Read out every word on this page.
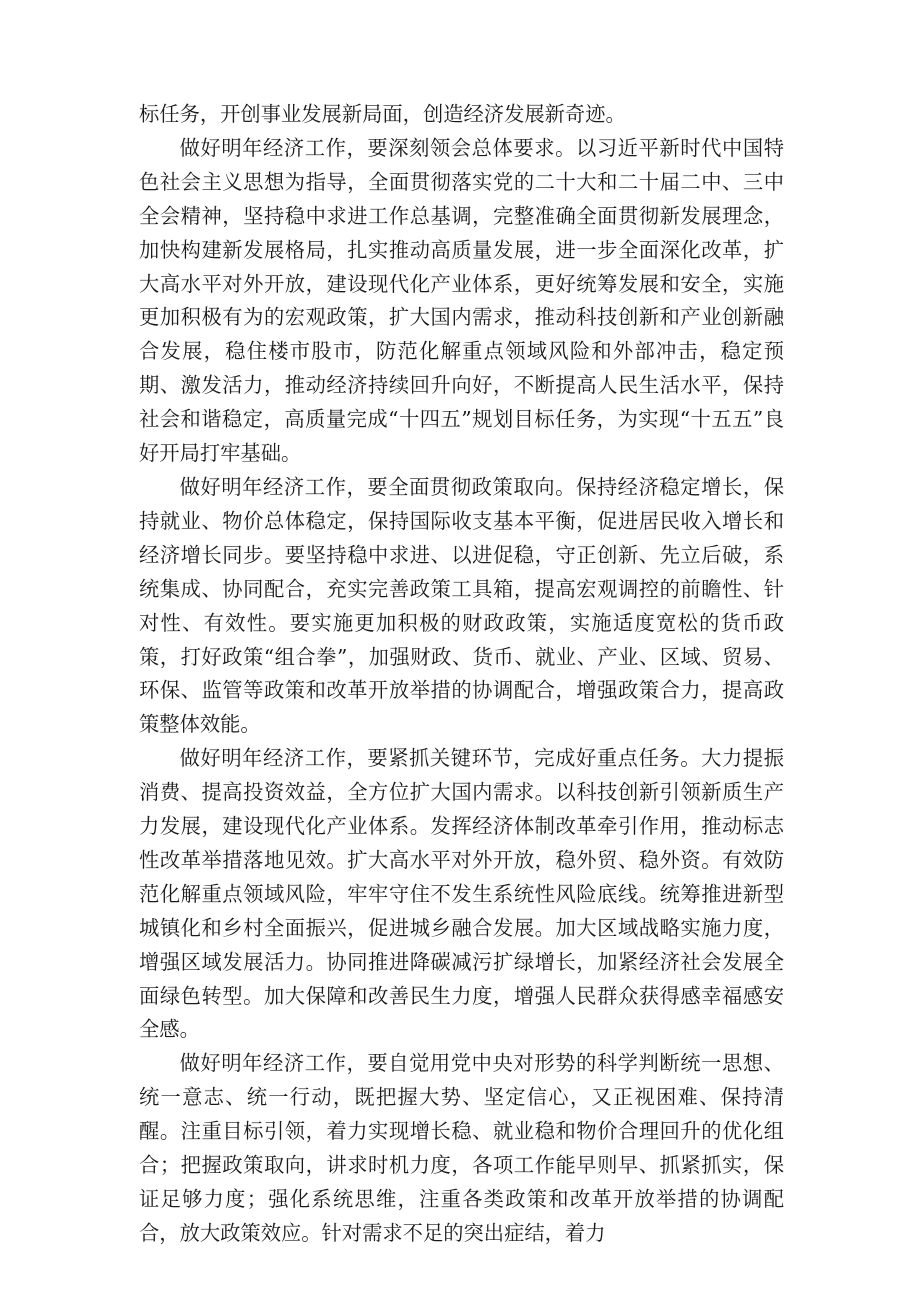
标任务，开创事业发展新局面，创造经济发展新奇迹。

做好明年经济工作，要深刻领会总体要求。以习近平新时代中国特色社会主义思想为指导，全面贯彻落实党的二十大和二十届二中、三中全会精神，坚持稳中求进工作总基调，完整准确全面贯彻新发展理念，加快构建新发展格局，扎实推动高质量发展，进一步全面深化改革，扩大高水平对外开放，建设现代化产业体系，更好统筹发展和安全，实施更加积极有为的宏观政策，扩大国内需求，推动科技创新和产业创新融合发展，稳住楼市股市，防范化解重点领域风险和外部冲击，稳定预期、激发活力，推动经济持续回升向好，不断提高人民生活水平，保持社会和谐稳定，高质量完成“十四五”规划目标任务，为实现“十五五”良好开局打牢基础。

做好明年经济工作，要全面贯彻政策取向。保持经济稳定增长，保持就业、物价总体稳定，保持国际收支基本平衡，促进居民收入增长和经济增长同步。要坚持稳中求进、以进促稳，守正创新、先立后破，系统集成、协同配合，充实完善政策工具箱，提高宏观调控的前瞻性、针对性、有效性。要实施更加积极的财政政策，实施适度宽松的货币政策，打好政策“组合拳”，加强财政、货币、就业、产业、区域、贸易、环保、监管等政策和改革开放举措的协调配合，增强政策合力，提高政策整体效能。

做好明年经济工作，要紧抓关键环节，完成好重点任务。大力提振消费、提高投资效益，全方位扩大国内需求。以科技创新引领新质生产力发展，建设现代化产业体系。发挥经济体制改革牵引作用，推动标志性改革举措落地见效。扩大高水平对外开放，稳外贸、稳外资。有效防范化解重点领域风险，牢牢守住不发生系统性风险底线。统筹推进新型城镇化和乡村全面振兴，促进城乡融合发展。加大区域战略实施力度，增强区域发展活力。协同推进降碳减污扩绿增长，加紧经济社会发展全面绿色转型。加大保障和改善民生力度，增强人民群众获得感幸福感安全感。

做好明年经济工作，要自觉用党中央对形势的科学判断统一思想、统一意志、统一行动，既把握大势、坚定信心，又正视困难、保持清醒。注重目标引领，着力实现增长稳、就业稳和物价合理回升的优化组合；把握政策取向，讲求时机力度，各项工作能早则早、抓紧抓实，保证足够力度；强化系统思维，注重各类政策和改革开放举措的协调配合，放大政策效应。针对需求不足的突出症结，着力
